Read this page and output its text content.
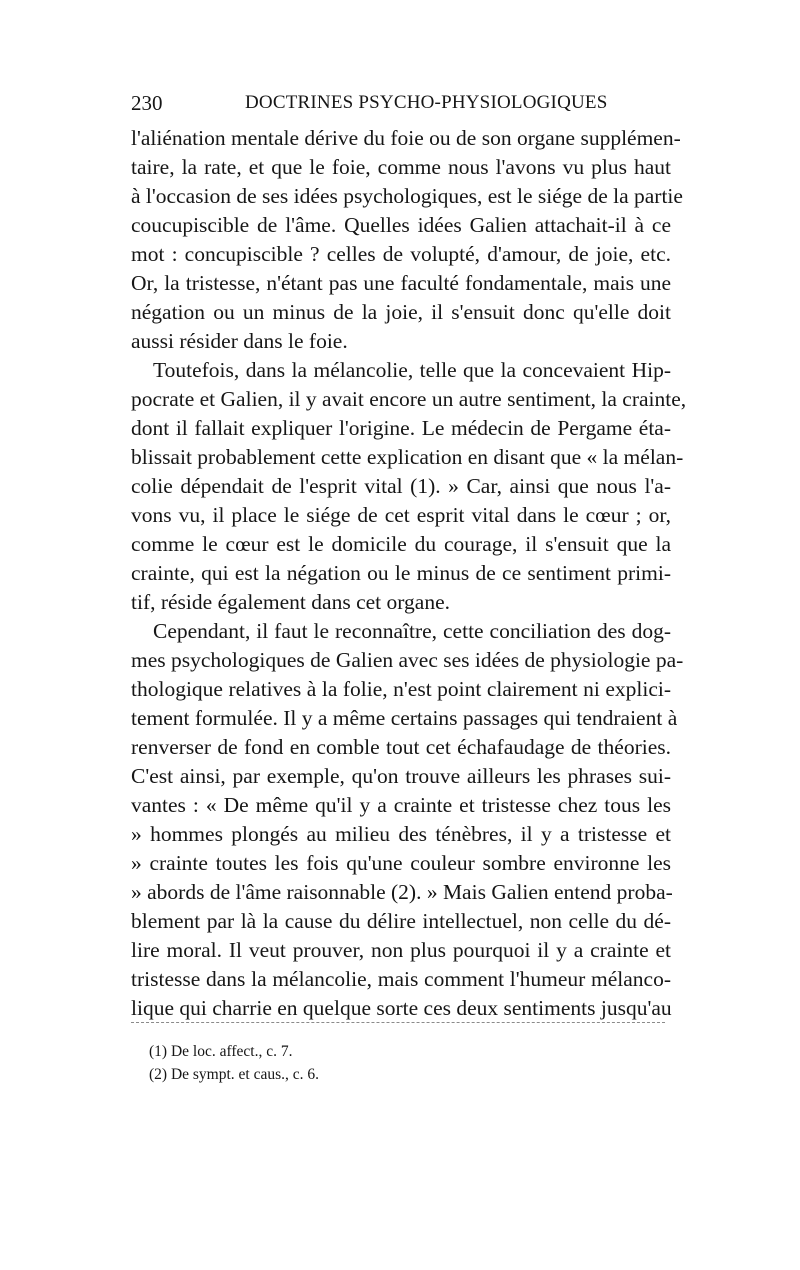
230	DOCTRINES PSYCHO-PHYSIOLOGIQUES
l'aliénation mentale dérive du foie ou de son organe supplémen-
taire, la rate, et que le foie, comme nous l'avons vu plus haut
à l'occasion de ses idées psychologiques, est le siége de la partie
coucupiscible de l'âme. Quelles idées Galien attachait-il à ce
mot : concupiscible ? celles de volupté, d'amour, de joie, etc.
Or, la tristesse, n'étant pas une faculté fondamentale, mais une
négation ou un minus de la joie, il s'ensuit donc qu'elle doit
aussi résider dans le foie.
Toutefois, dans la mélancolie, telle que la concevaient Hip-
pocrate et Galien, il y avait encore un autre sentiment, la crainte,
dont il fallait expliquer l'origine. Le médecin de Pergame éta-
blissait probablement cette explication en disant que « la mélan-
colie dépendait de l'esprit vital (1). » Car, ainsi que nous l'a-
vons vu, il place le siége de cet esprit vital dans le cœur ; or,
comme le cœur est le domicile du courage, il s'ensuit que la
crainte, qui est la négation ou le minus de ce sentiment primi-
tif, réside également dans cet organe.
Cependant, il faut le reconnaître, cette conciliation des dog-
mes psychologiques de Galien avec ses idées de physiologie pa-
thologique relatives à la folie, n'est point clairement ni explici-
tement formulée. Il y a même certains passages qui tendraient à
renverser de fond en comble tout cet échafaudage de théories.
C'est ainsi, par exemple, qu'on trouve ailleurs les phrases sui-
vantes : « De même qu'il y a crainte et tristesse chez tous les
» hommes plongés au milieu des ténèbres, il y a tristesse et
» crainte toutes les fois qu'une couleur sombre environne les
» abords de l'âme raisonnable (2). » Mais Galien entend proba-
blement par là la cause du délire intellectuel, non celle du dé-
lire moral. Il veut prouver, non plus pourquoi il y a crainte et
tristesse dans la mélancolie, mais comment l'humeur mélanco-
lique qui charrie en quelque sorte ces deux sentiments jusqu'au
(1) De loc. affect., c. 7.
(2) De sympt. et caus., c. 6.
